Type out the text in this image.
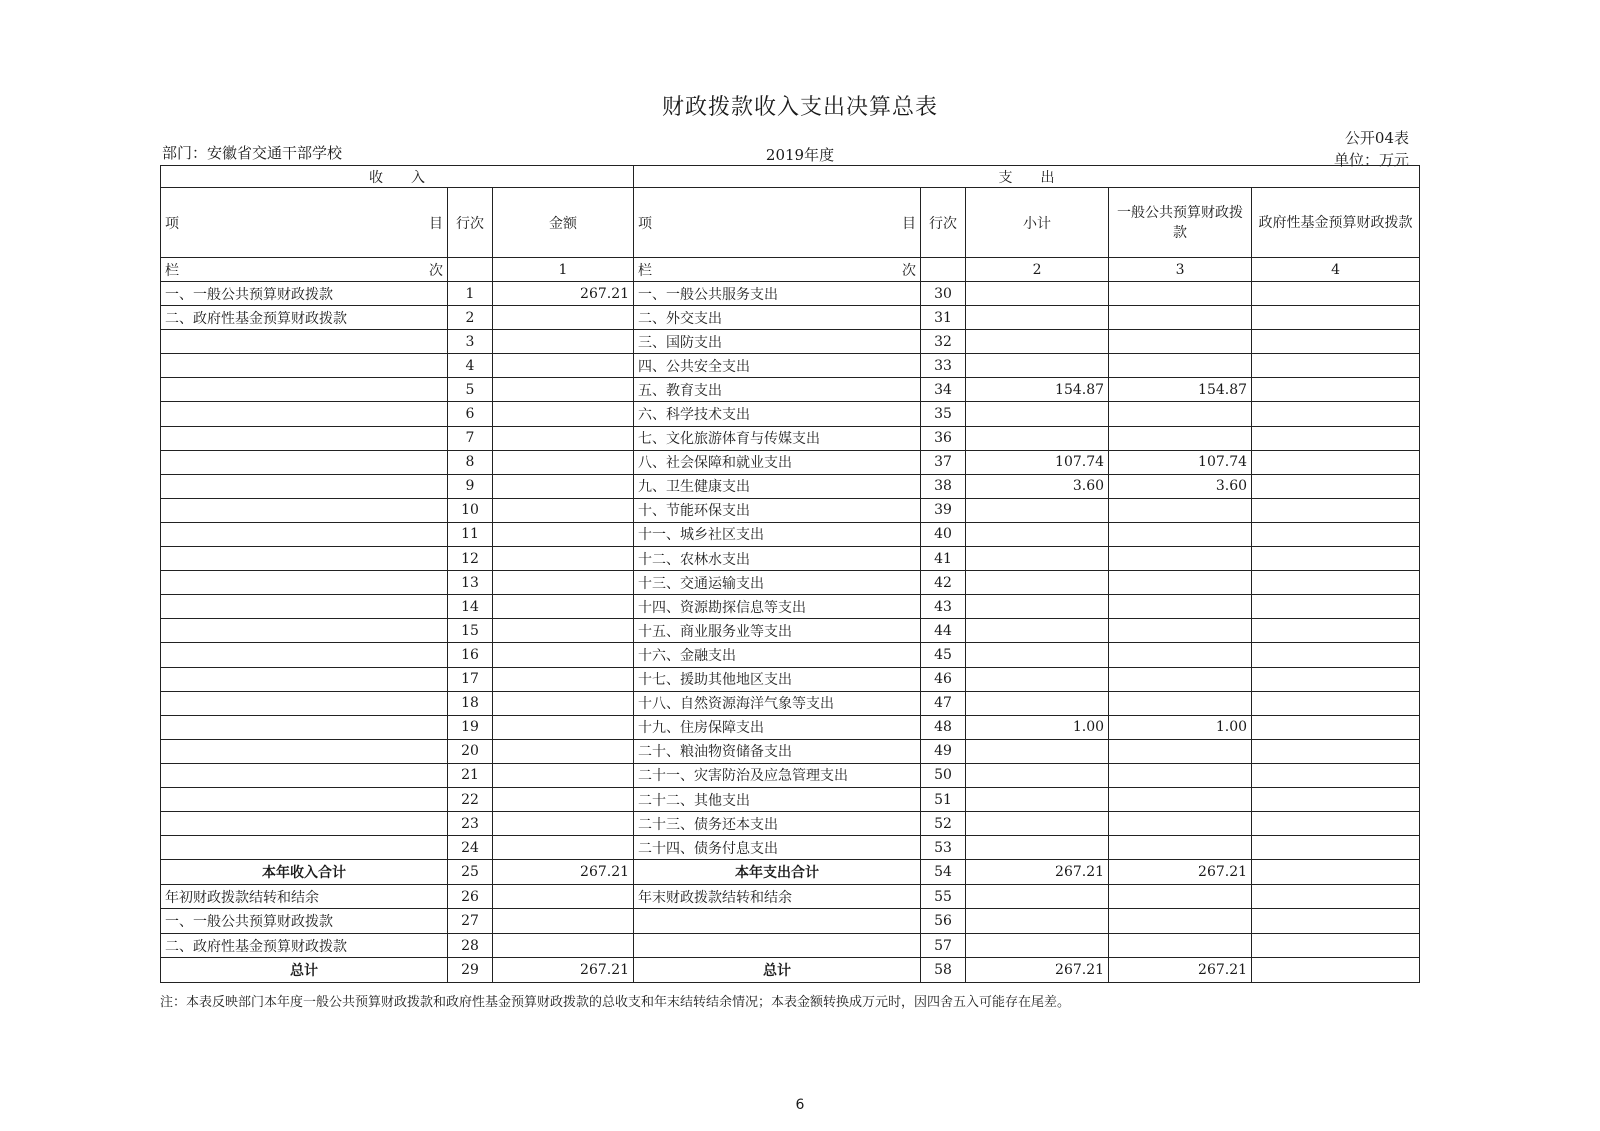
财政拨款收入支出决算总表
公开04表
部门：安徽省交通干部学校	2019年度	单位：万元
收　　入			支　　出				

项 目	行次	金额	项 目	行次	小计	一般公共预算财政拨款	政府性基金预算财政拨款

栏 次		1	栏 次		2	3	4
一、一般公共预算财政拨款	1	267.21	一、一般公共服务支出	30			
二、政府性基金预算财政拨款	2		二、外交支出	31			
	3		三、国防支出	32			
	4		四、公共安全支出	33			
	5		五、教育支出	34	154.87	154.87	
	6		六、科学技术支出	35			
	7		七、文化旅游体育与传媒支出	36			
	8		八、社会保障和就业支出	37	107.74	107.74	
	9		九、卫生健康支出	38	3.60	3.60	
	10		十、节能环保支出	39			
	11		十一、城乡社区支出	40			
	12		十二、农林水支出	41			
	13		十三、交通运输支出	42			
	14		十四、资源勘探信息等支出	43			
	15		十五、商业服务业等支出	44			
	16		十六、金融支出	45			
	17		十七、援助其他地区支出	46			
	18		十八、自然资源海洋气象等支出	47			
	19		十九、住房保障支出	48	1.00	1.00	
	20		二十、粮油物资储备支出	49			
	21		二十一、灾害防治及应急管理支出	50			
	22		二十二、其他支出	51			
	23		二十三、债务还本支出	52			
	24		二十四、债务付息支出	53			
本年收入合计	25	267.21	本年支出合计	54	267.21	267.21	
年初财政拨款结转和结余	26		年末财政拨款结转和结余	55			
一、一般公共预算财政拨款	27			56			
二、政府性基金预算财政拨款	28			57			
总计	29	267.21	总计	58	267.21	267.21	
注：本表反映部门本年度一般公共预算财政拨款和政府性基金预算财政拨款的总收支和年末结转结余情况；本表金额转换成万元时，因四舍五入可能存在尾差。
6
